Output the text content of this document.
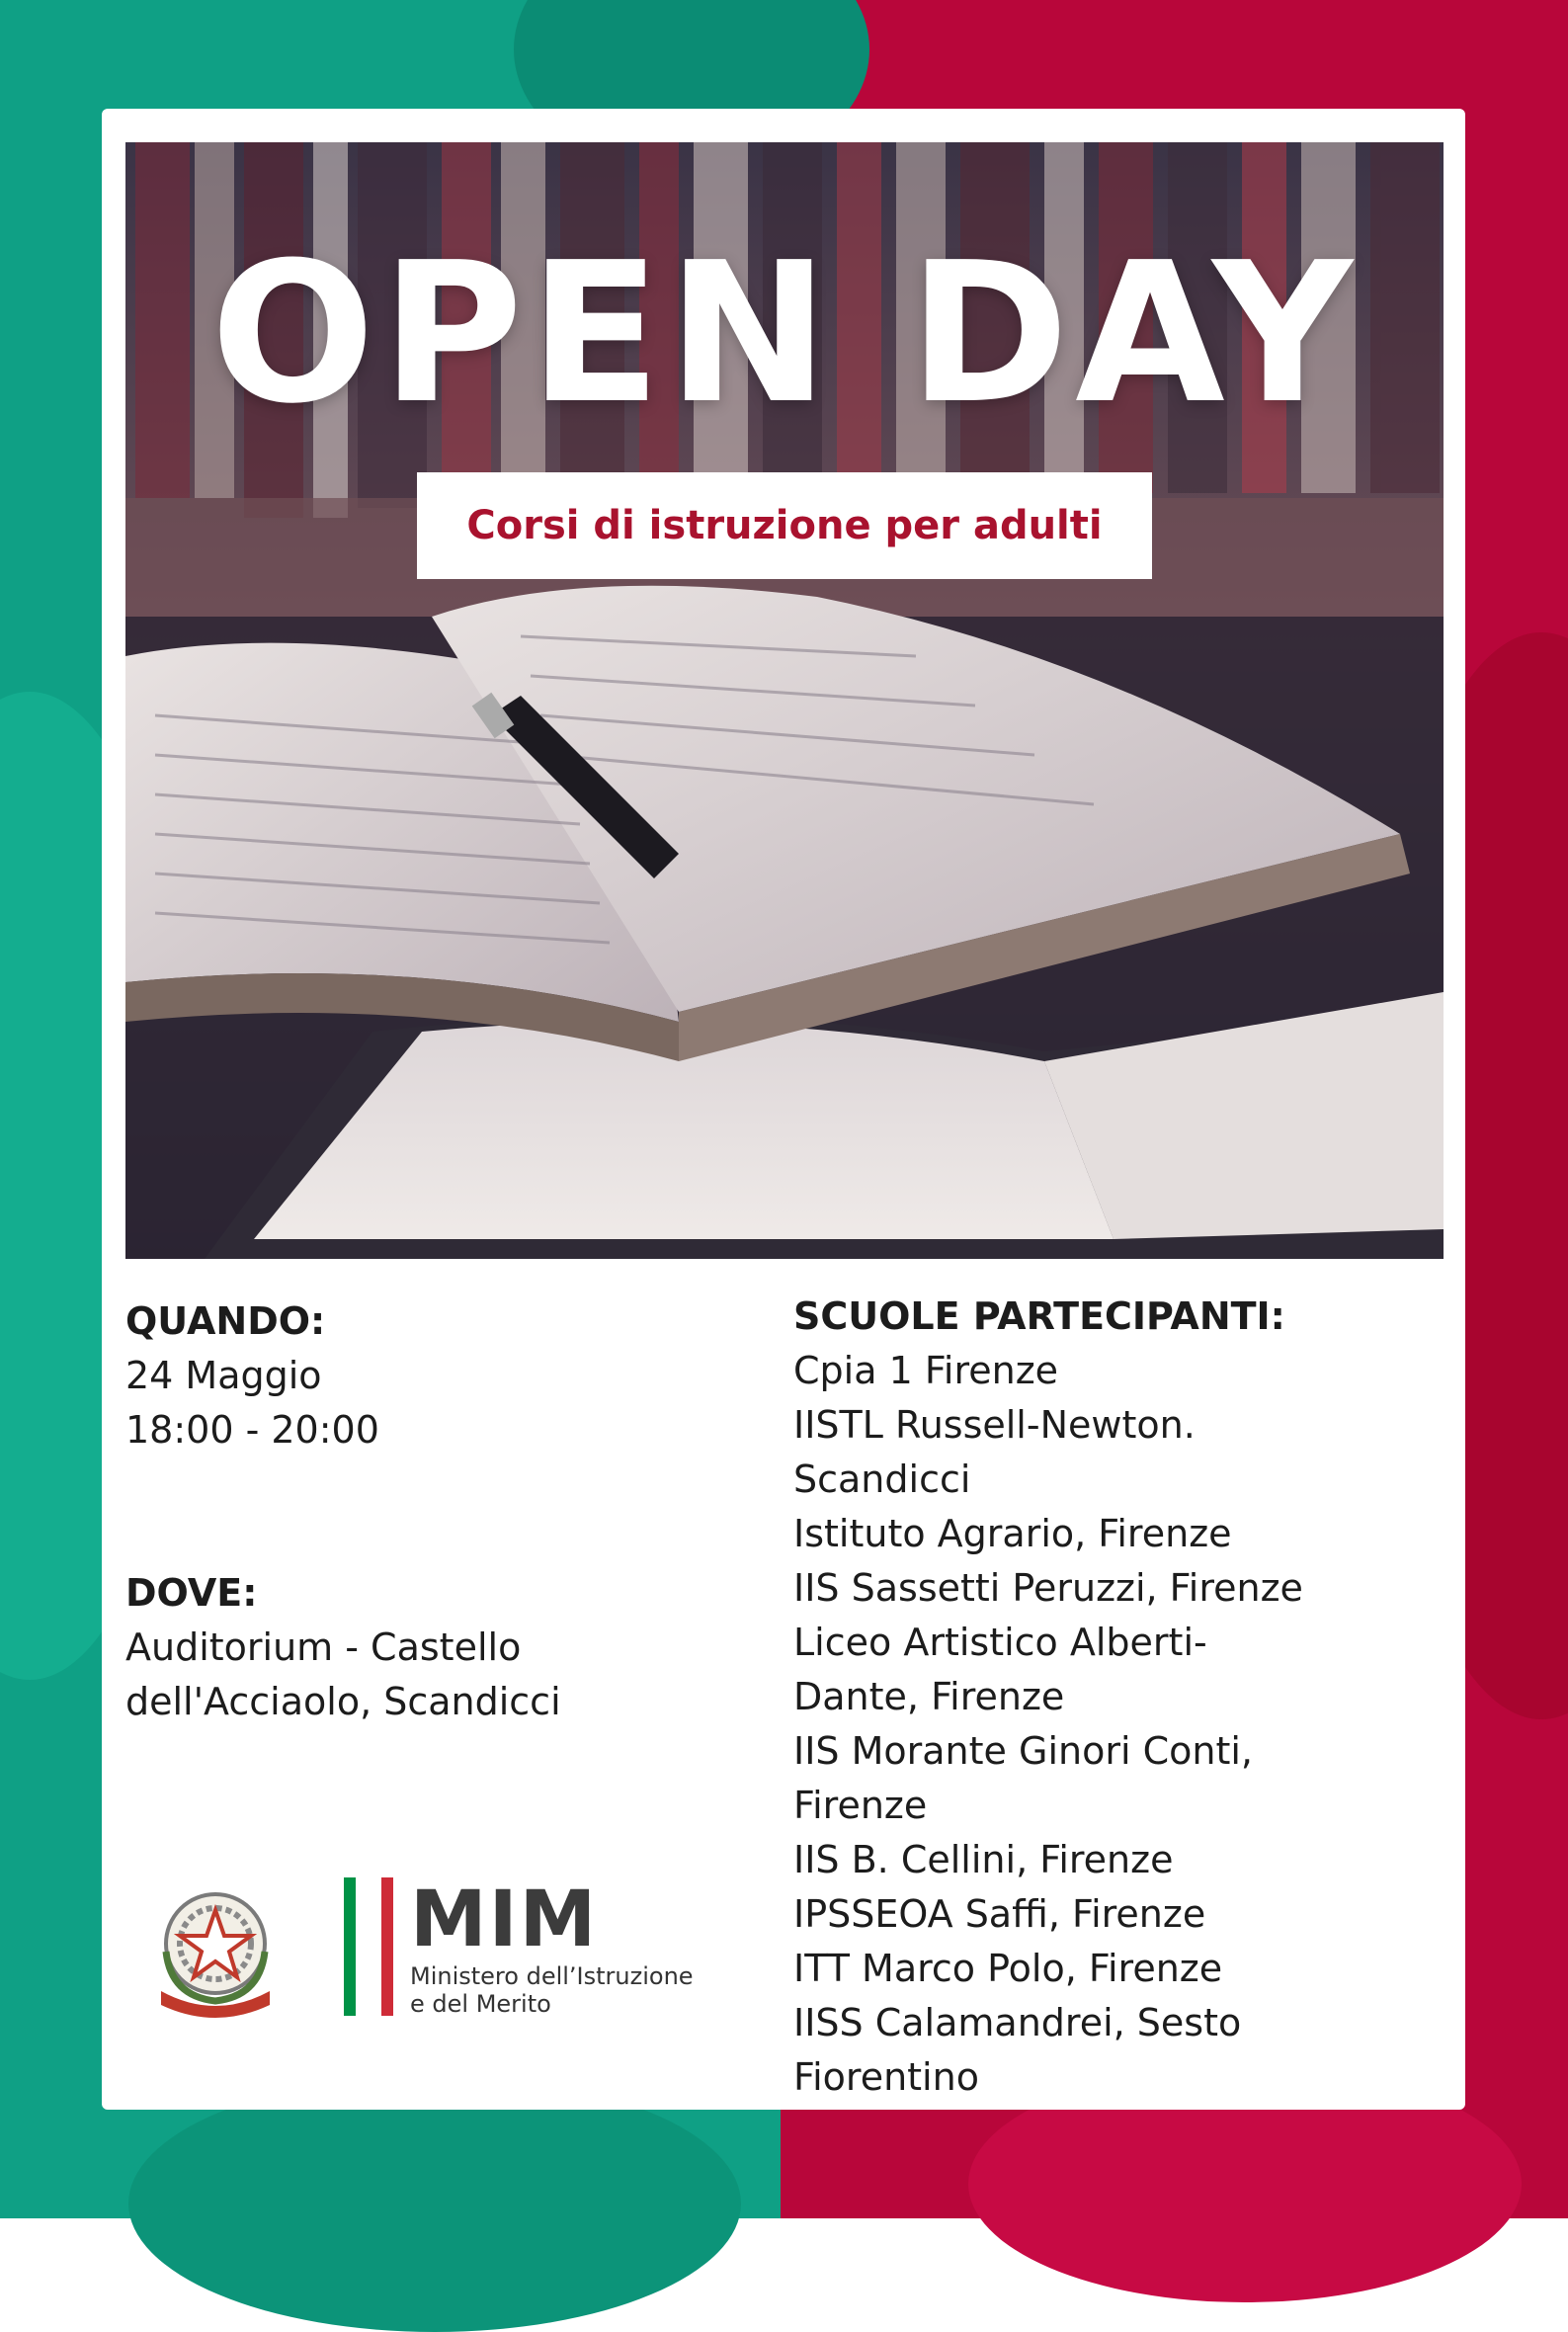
OPEN DAY
Corsi di istruzione per adulti
QUANDO:
24 Maggio
18:00 - 20:00
DOVE:
Auditorium - Castello
dell'Acciaolo, Scandicci
SCUOLE PARTECIPANTI:
Cpia 1 Firenze
IISTL Russell-Newton.
Scandicci
Istituto Agrario, Firenze
IIS Sassetti Peruzzi, Firenze
Liceo Artistico Alberti-
Dante, Firenze
IIS Morante Ginori Conti,
Firenze
IIS B. Cellini, Firenze
IPSSEOA Saffi, Firenze
ITT Marco Polo, Firenze
IISS Calamandrei, Sesto
Fiorentino
MIM
Ministero dell’Istruzione
e del Merito
